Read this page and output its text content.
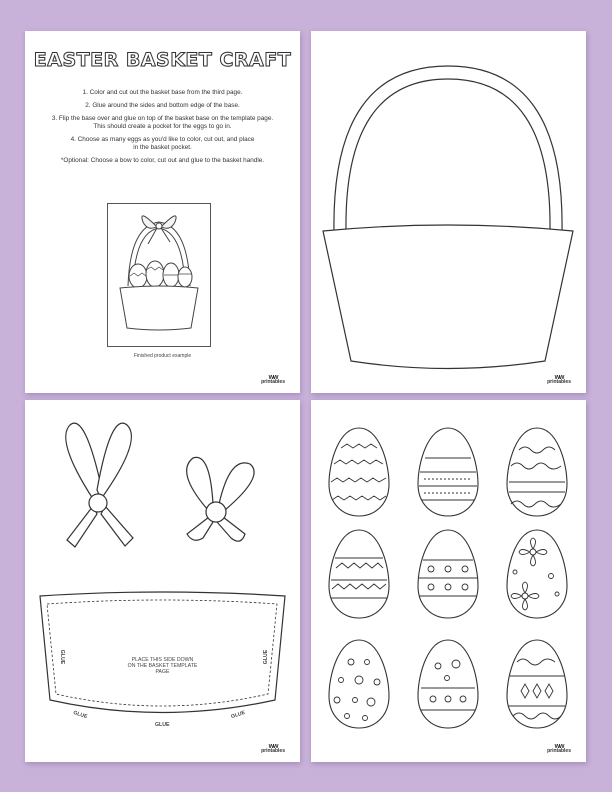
EASTER BASKET CRAFT

1. Color and cut out the basket base from the third page.

2. Glue around the sides and bottom edge of the base.

3. Flip the base over and glue on top of the basket base on the template page.
This should create a pocket for the eggs to go in.

4. Choose as many eggs as you'd like to color, cut out, and place
in the basket pocket.

*Optional: Choose a bow to color, cut out and glue to the basket handle.

Finished product example
ww
printables
ww
printables
GLUE	GLUE
GLUE
GLUE
GLUE
PLACE THIS SIDE DOWN
ON THE BASKET TEMPLATE
PAGE
ww
printables
ww
printables
